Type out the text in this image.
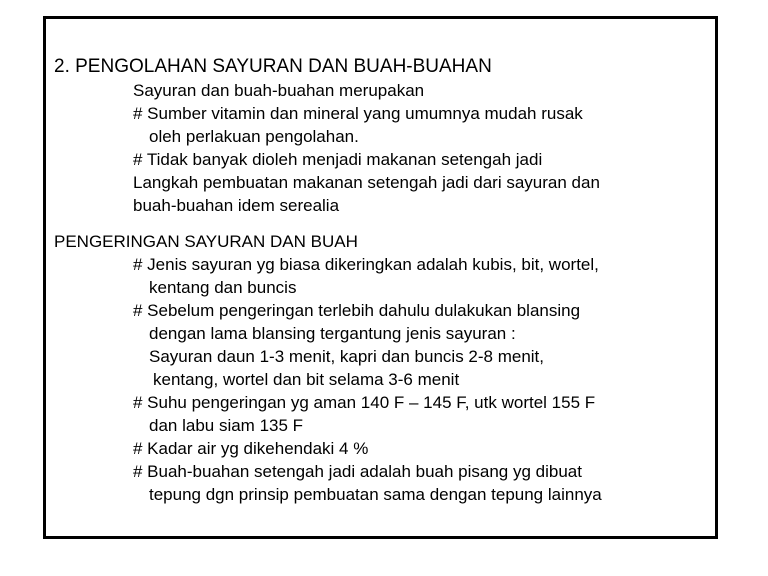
2. PENGOLAHAN SAYURAN DAN BUAH-BUAHAN
Sayuran dan buah-buahan merupakan
# Sumber vitamin dan mineral yang umumnya mudah rusak
oleh perlakuan pengolahan.
# Tidak banyak dioleh menjadi makanan setengah jadi
Langkah pembuatan makanan setengah jadi dari sayuran dan
buah-buahan idem serealia
PENGERINGAN SAYURAN DAN BUAH
# Jenis sayuran yg biasa dikeringkan adalah kubis, bit, wortel,
kentang dan buncis
# Sebelum pengeringan terlebih dahulu dulakukan blansing
dengan lama blansing tergantung jenis sayuran :
Sayuran daun 1-3 menit, kapri dan buncis 2-8 menit,
kentang, wortel dan bit selama 3-6 menit
# Suhu pengeringan yg aman 140 F – 145 F, utk wortel 155 F
dan labu siam 135 F
# Kadar air yg dikehendaki 4 %
# Buah-buahan setengah jadi adalah buah pisang yg dibuat
tepung dgn prinsip pembuatan sama dengan tepung lainnya
